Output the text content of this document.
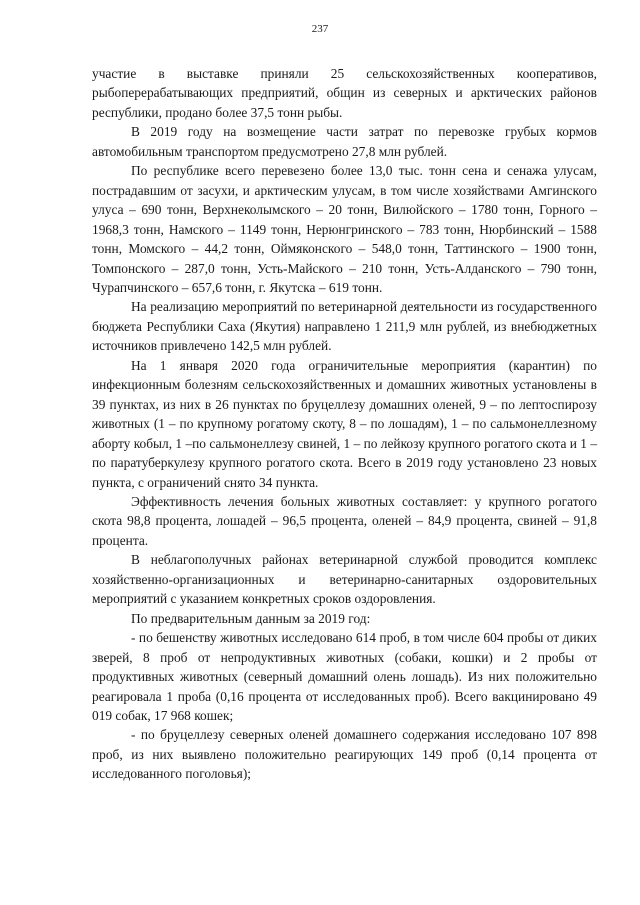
237

участие в выставке приняли 25 сельскохозяйственных кооперативов, рыбоперерабатывающих предприятий, общин из северных и арктических районов республики, продано более 37,5 тонн рыбы.

В 2019 году на возмещение части затрат по перевозке грубых кормов автомобильным транспортом предусмотрено 27,8 млн рублей.

По республике всего перевезено более 13,0 тыс. тонн сена и сенажа улусам, пострадавшим от засухи, и арктическим улусам, в том числе хозяйствами Амгинского улуса – 690 тонн, Верхнеколымского – 20 тонн, Вилюйского – 1780 тонн, Горного – 1968,3 тонн, Намского – 1149 тонн, Нерюнгринского – 783 тонн, Нюрбинский – 1588 тонн, Момского – 44,2 тонн, Оймяконского – 548,0 тонн, Таттинского – 1900 тонн, Томпонского – 287,0 тонн, Усть-Майского – 210 тонн, Усть-Алданского – 790 тонн, Чурапчинского – 657,6 тонн, г. Якутска – 619 тонн.

На реализацию мероприятий по ветеринарной деятельности из государственного бюджета Республики Саха (Якутия) направлено 1 211,9 млн рублей, из внебюджетных источников привлечено 142,5 млн рублей.

На 1 января 2020 года ограничительные мероприятия (карантин) по инфекционным болезням сельскохозяйственных и домашних животных установлены в 39 пунктах, из них в 26 пунктах по бруцеллезу домашних оленей, 9 – по лептоспирозу животных (1 – по крупному рогатому скоту, 8 – по лошадям), 1 – по сальмонеллезному аборту кобыл, 1 –по сальмонеллезу свиней, 1 – по лейкозу крупного рогатого скота и 1 – по паратуберкулезу крупного рогатого скота. Всего в 2019 году установлено 23 новых пункта, с ограничений снято 34 пункта.

Эффективность лечения больных животных составляет: у крупного рогатого скота 98,8 процента, лошадей – 96,5 процента, оленей – 84,9 процента, свиней – 91,8 процента.

В неблагополучных районах ветеринарной службой проводится комплекс хозяйственно-организационных и ветеринарно-санитарных оздоровительных мероприятий с указанием конкретных сроков оздоровления.

По предварительным данным за 2019 год:

- по бешенству животных исследовано 614 проб, в том числе 604 пробы от диких зверей, 8 проб от непродуктивных животных (собаки, кошки) и 2 пробы от продуктивных животных (северный домашний олень лошадь). Из них положительно реагировала 1 проба (0,16 процента от исследованных проб). Всего вакцинировано 49 019 собак, 17 968 кошек;

- по бруцеллезу северных оленей домашнего содержания исследовано 107 898 проб, из них выявлено положительно реагирующих 149 проб (0,14 процента от исследованного поголовья);
